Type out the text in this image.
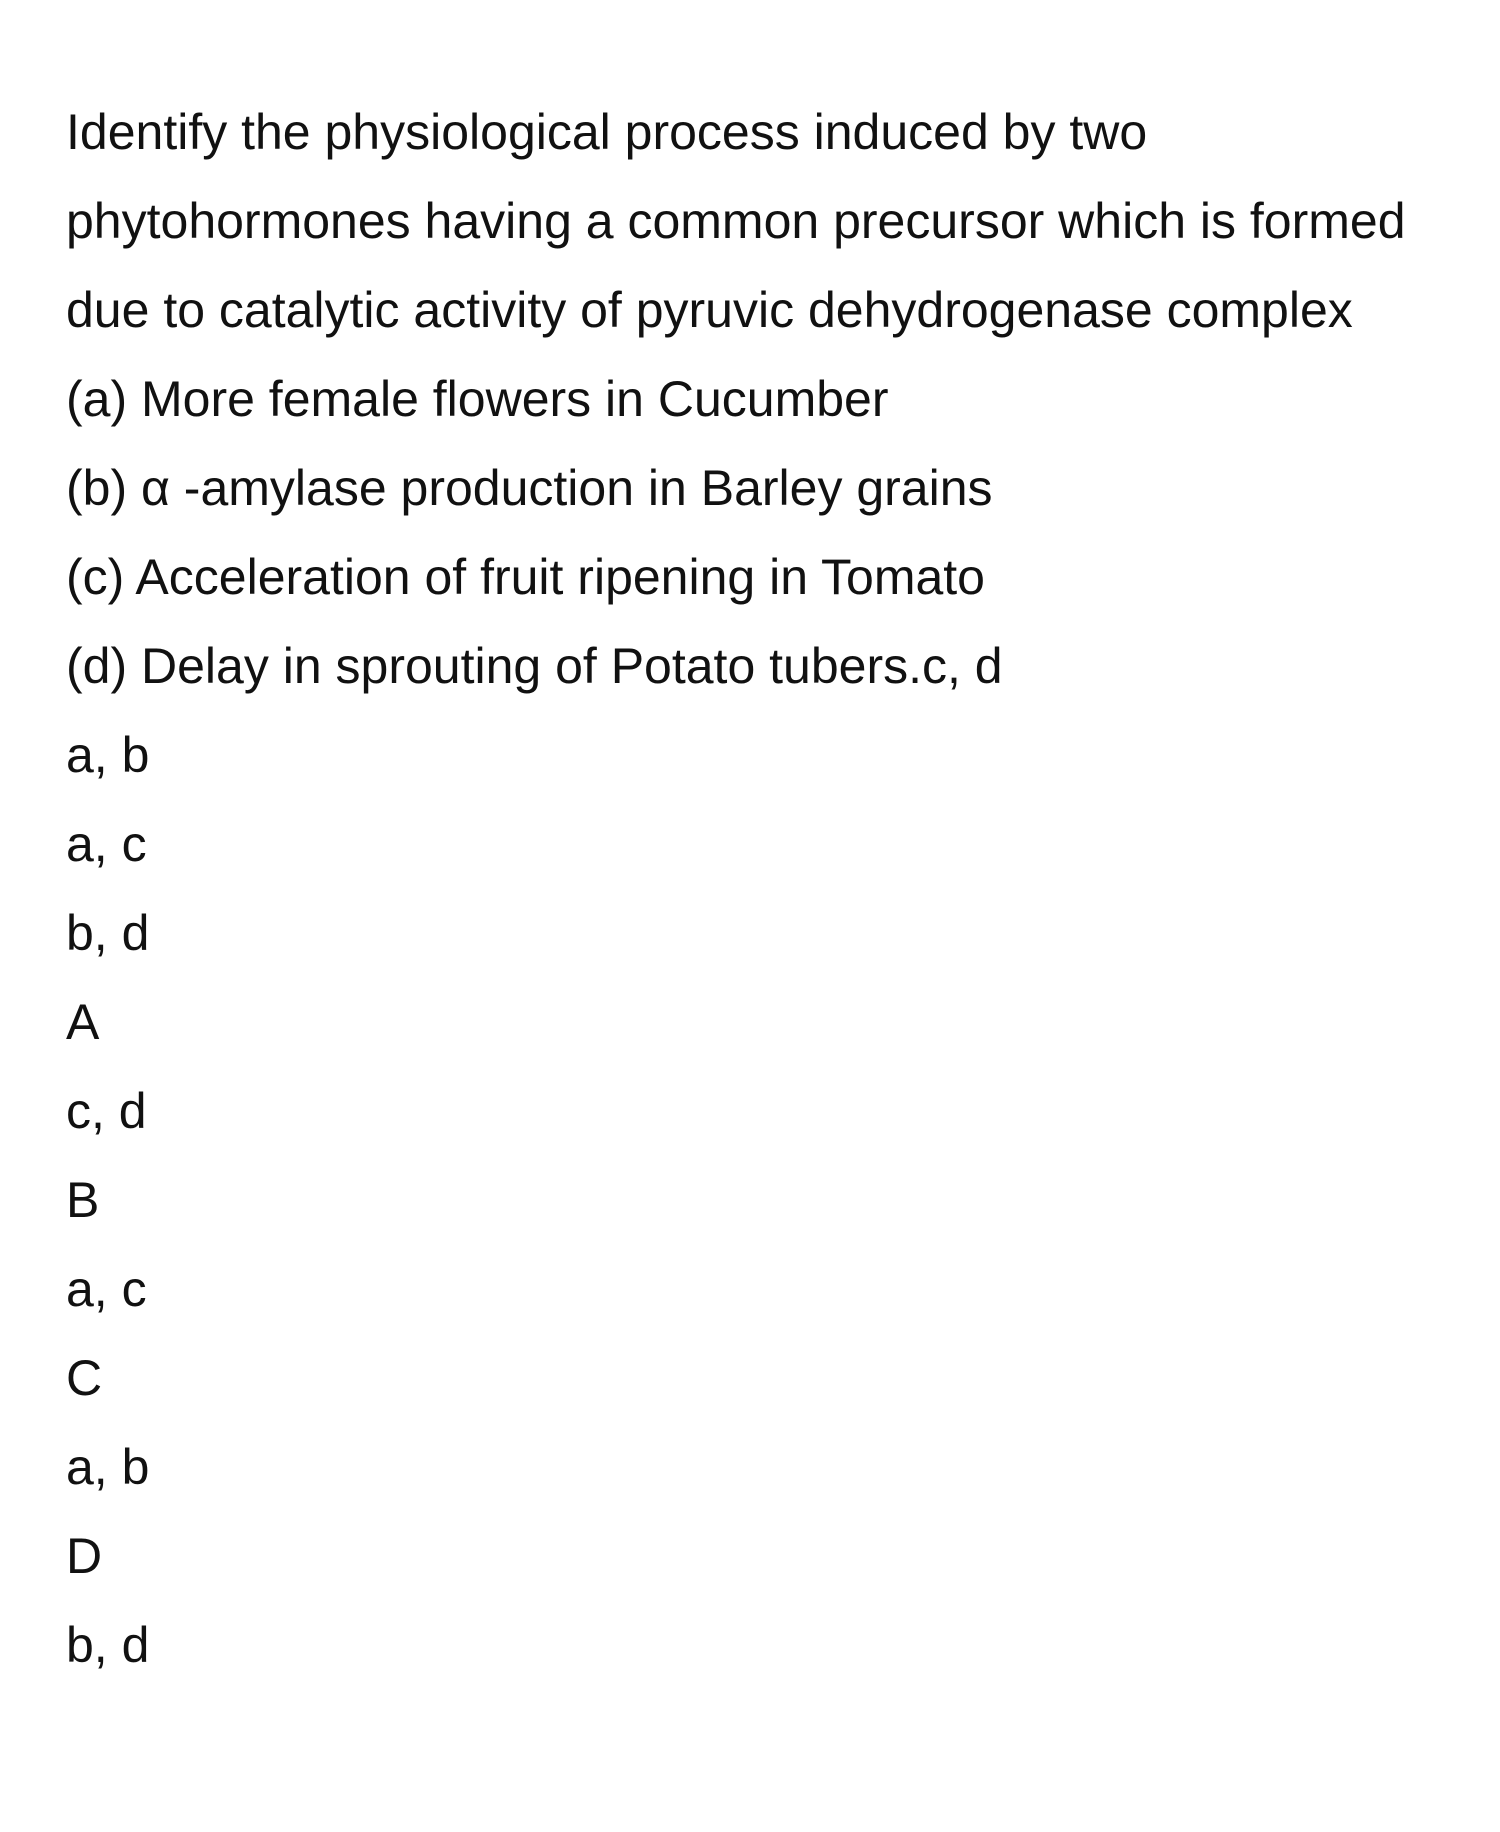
Identify the physiological process induced by two phytohormones having a common precursor which is formed due to catalytic activity of pyruvic dehydrogenase complex

(a) More female flowers in Cucumber
(b) α -amylase production in Barley grains
(c) Acceleration of fruit ripening in Tomato
(d) Delay in sprouting of Potato tubers.c, d
a, b
a, c
b, d
A
c, d
B
a, c
C
a, b
D
b, d
